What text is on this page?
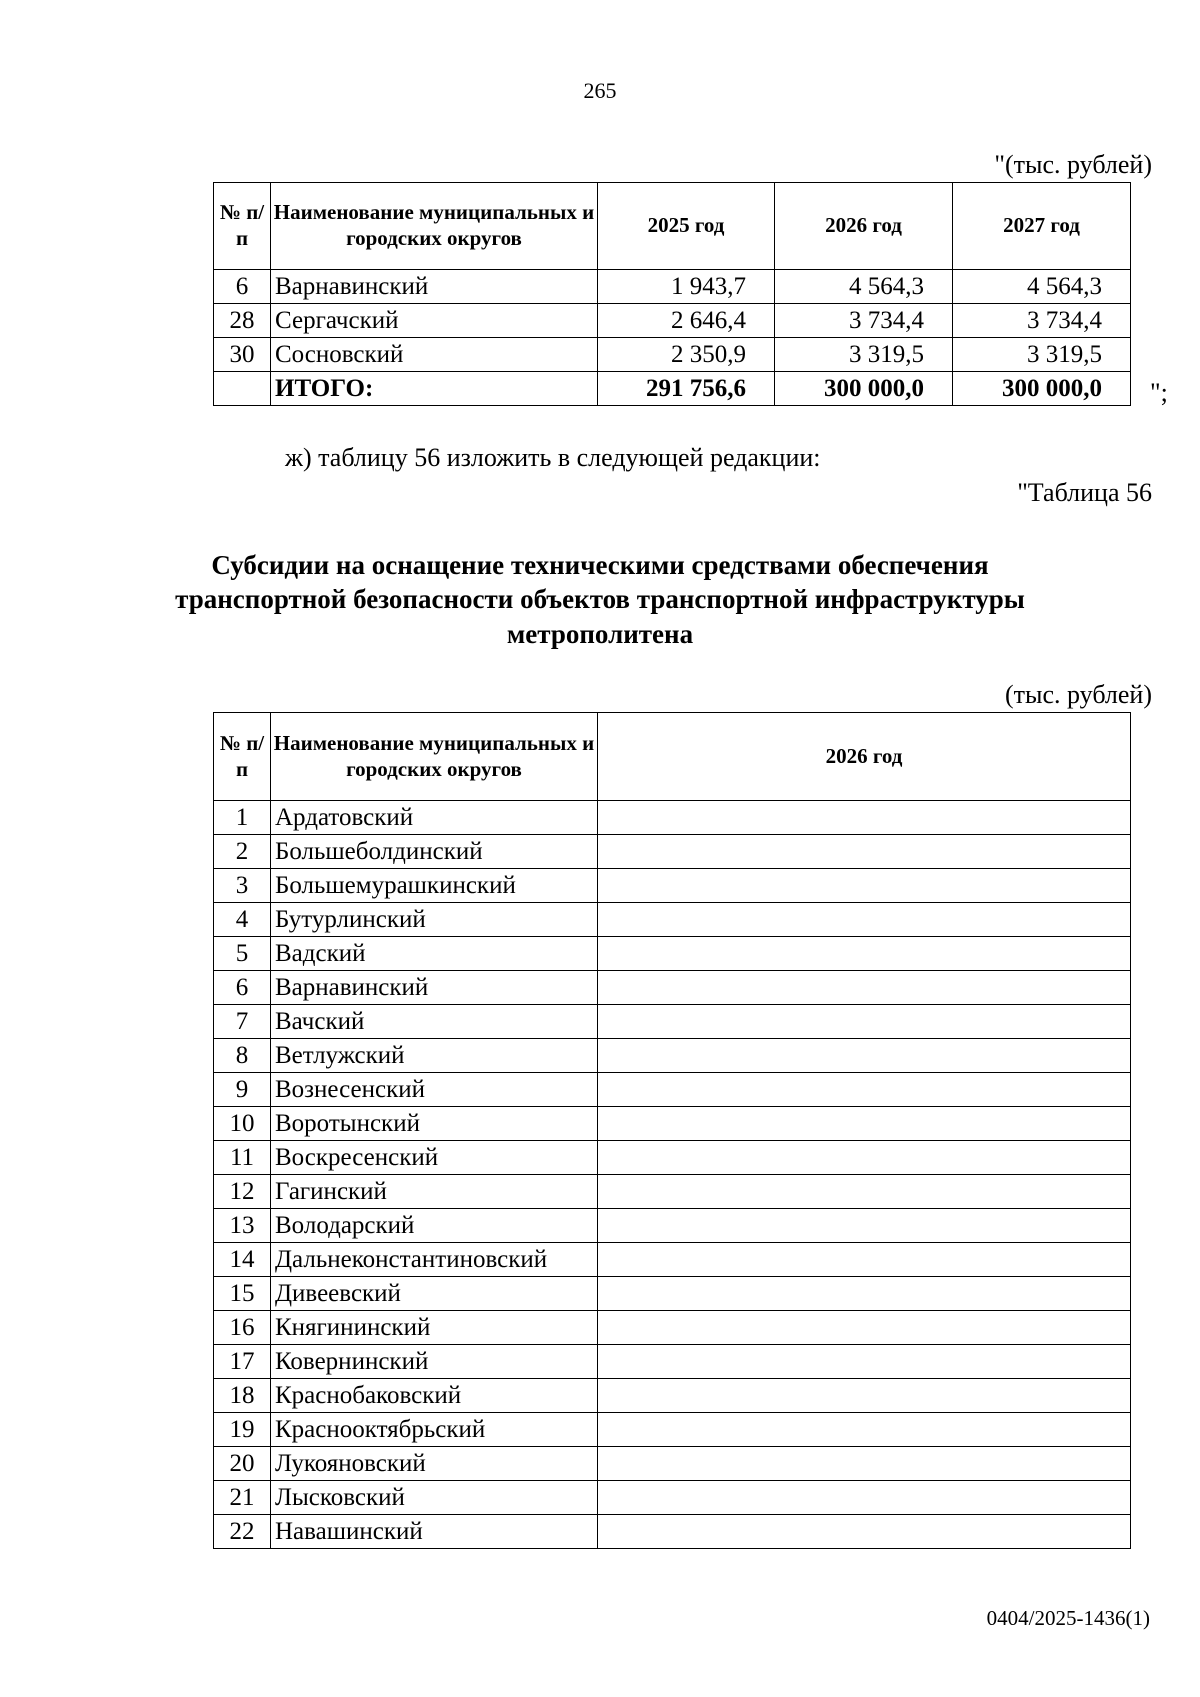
265
"(тыс. рублей)
№ п/п	Наименование муниципальных и городских округов	2025 год	2026 год	2027 год
6	Варнавинский	1 943,7	4 564,3	4 564,3
28	Сергачский	2 646,4	3 734,4	3 734,4
30	Сосновский	2 350,9	3 319,5	3 319,5
	ИТОГО:	291 756,6	300 000,0	300 000,0 ";
ж) таблицу 56 изложить в следующей редакции:
"Таблица 56
Субсидии на оснащение техническими средствами обеспечения транспортной безопасности объектов транспортной инфраструктуры метрополитена
(тыс. рублей)
№ п/п	Наименование муниципальных и городских округов	2026 год
1	Ардатовский	
2	Большеболдинский	
3	Большемурашкинский	
4	Бутурлинский	
5	Вадский	
6	Варнавинский	
7	Вачский	
8	Ветлужский	
9	Вознесенский	
10	Воротынский	
11	Воскресенский	
12	Гагинский	
13	Володарский	
14	Дальнеконстантиновский	
15	Дивеевский	
16	Княгининский	
17	Ковернинский	
18	Краснобаковский	
19	Краснооктябрьский	
20	Лукояновский	
21	Лысковский	
22	Навашинский	
0404/2025-1436(1)
